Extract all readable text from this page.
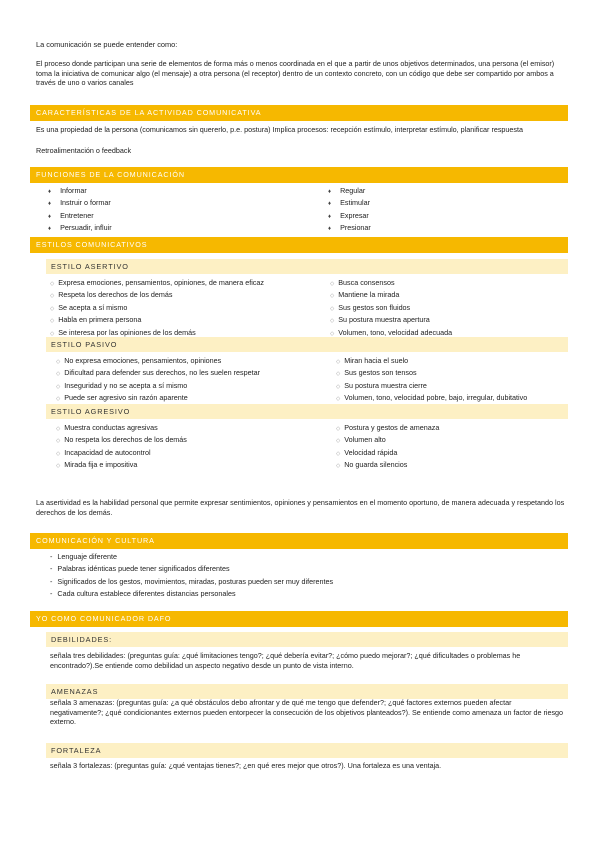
La comunicación se puede entender como:

El proceso donde participan una serie de elementos de forma más o menos coordinada en el que a partir de unos objetivos determinados, una persona (el emisor) toma la iniciativa de comunicar algo (el mensaje) a otra persona (el receptor) dentro de un contexto concreto, con un código que debe ser compartido por ambos a través de uno o varios canales

CARACTERÍSTICAS DE LA ACTIVIDAD COMUNICATIVA

Es una propiedad de la persona (comunicamos sin quererlo, p.e. postura) Implica procesos: recepción estímulo, interpretar estímulo, planificar respuesta

Retroalimentación o feedback

FUNCIONES DE LA COMUNICACIÓN
♦ Informar
♦ Instruir o formar
♦ Entretener
♦ Persuadir, influir
♦ Regular
♦ Estimular
♦ Expresar
♦ Presionar
ESTILOS COMUNICATIVOS
ESTILO ASERTIVO
◇ Expresa emociones, pensamientos, opiniones, de manera eficaz
◇ Respeta los derechos de los demás
◇ Se acepta a sí mismo
◇ Habla en primera persona
◇ Se interesa por las opiniones de los demás
◇ Busca consensos
◇ Mantiene la mirada
◇ Sus gestos son fluidos
◇ Su postura muestra apertura
◇ Volumen, tono, velocidad adecuada
ESTILO PASIVO
◇ No expresa emociones, pensamientos, opiniones
◇ Dificultad para defender sus derechos, no les suelen respetar
◇ Inseguridad y no se acepta a sí mismo
◇ Puede ser agresivo sin razón aparente
◇ Miran hacia el suelo
◇ Sus gestos son tensos
◇ Su postura muestra cierre
◇ Volumen, tono, velocidad pobre, bajo, irregular, dubitativo
ESTILO AGRESIVO
◇ Muestra conductas agresivas
◇ No respeta los derechos de los demás
◇ Incapacidad de autocontrol
◇ Mirada fija e impositiva
◇ Postura y gestos de amenaza
◇ Volumen alto
◇ Velocidad rápida
◇ No guarda silencios

La asertividad es la habilidad personal que permite expresar sentimientos, opiniones y pensamientos en el momento oportuno, de manera adecuada y respetando los derechos de los demás.

COMUNICACIÓN Y CULTURA
- Lenguaje diferente
- Palabras idénticas puede tener significados diferentes
- Significados de los gestos, movimientos, miradas, posturas pueden ser muy diferentes
- Cada cultura establece diferentes distancias personales
YO COMO COMUNICADOR DAFO
DEBILIDADES:

señala tres debilidades: (preguntas guía: ¿qué limitaciones tengo?; ¿qué debería evitar?; ¿cómo puedo mejorar?; ¿qué dificultades o problemas he encontrado?).Se entiende como debilidad un aspecto negativo desde un punto de vista interno.

AMENAZAS

señala 3 amenazas: (preguntas guía: ¿a qué obstáculos debo afrontar y de qué me tengo que defender?; ¿qué factores externos pueden afectar negativamente?; ¿qué condicionantes externos pueden entorpecer la consecución de los objetivos planteados?). Se entiende como amenaza un factor de riesgo externo.

FORTALEZA

señala 3 fortalezas: (preguntas guía: ¿qué ventajas tienes?; ¿en qué eres mejor que otros?). Una fortaleza es una ventaja.
